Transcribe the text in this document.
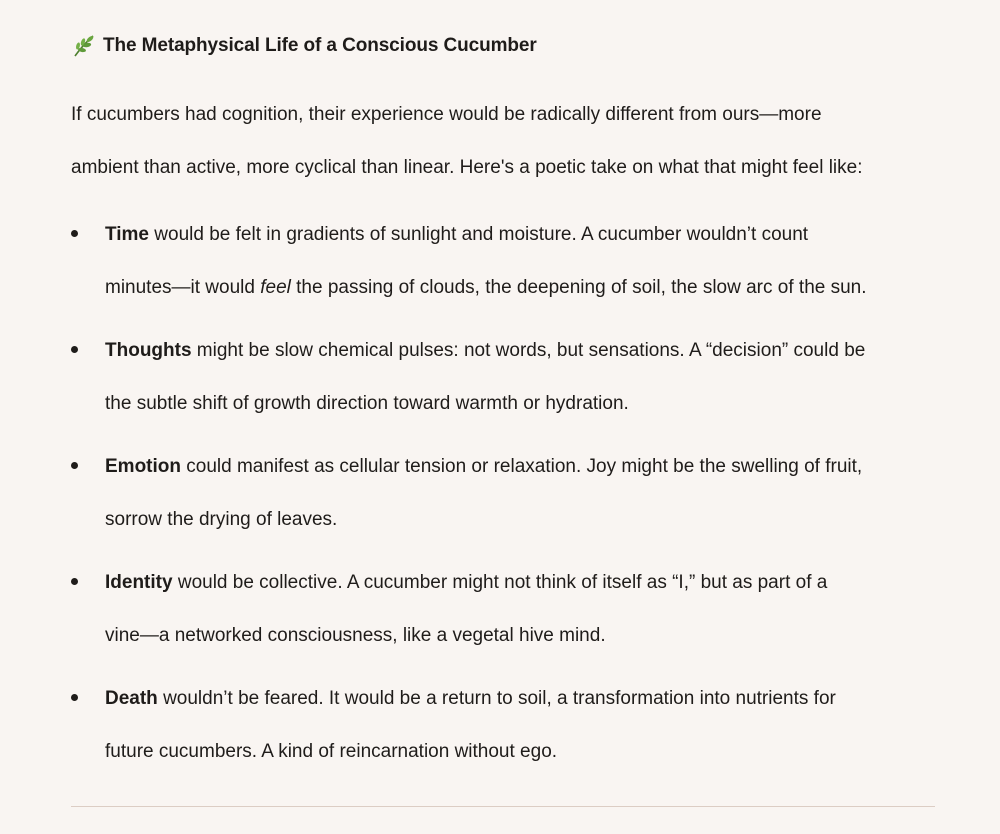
The Metaphysical Life of a Conscious Cucumber

If cucumbers had cognition, their experience would be radically different from ours—more
ambient than active, more cyclical than linear. Here's a poetic take on what that might feel like:

Time would be felt in gradients of sunlight and moisture. A cucumber wouldn’t count
minutes—it would feel the passing of clouds, the deepening of soil, the slow arc of the sun.
Thoughts might be slow chemical pulses: not words, but sensations. A “decision” could be
the subtle shift of growth direction toward warmth or hydration.
Emotion could manifest as cellular tension or relaxation. Joy might be the swelling of fruit,
sorrow the drying of leaves.
Identity would be collective. A cucumber might not think of itself as “I,” but as part of a
vine—a networked consciousness, like a vegetal hive mind.
Death wouldn’t be feared. It would be a return to soil, a transformation into nutrients for
future cucumbers. A kind of reincarnation without ego.
